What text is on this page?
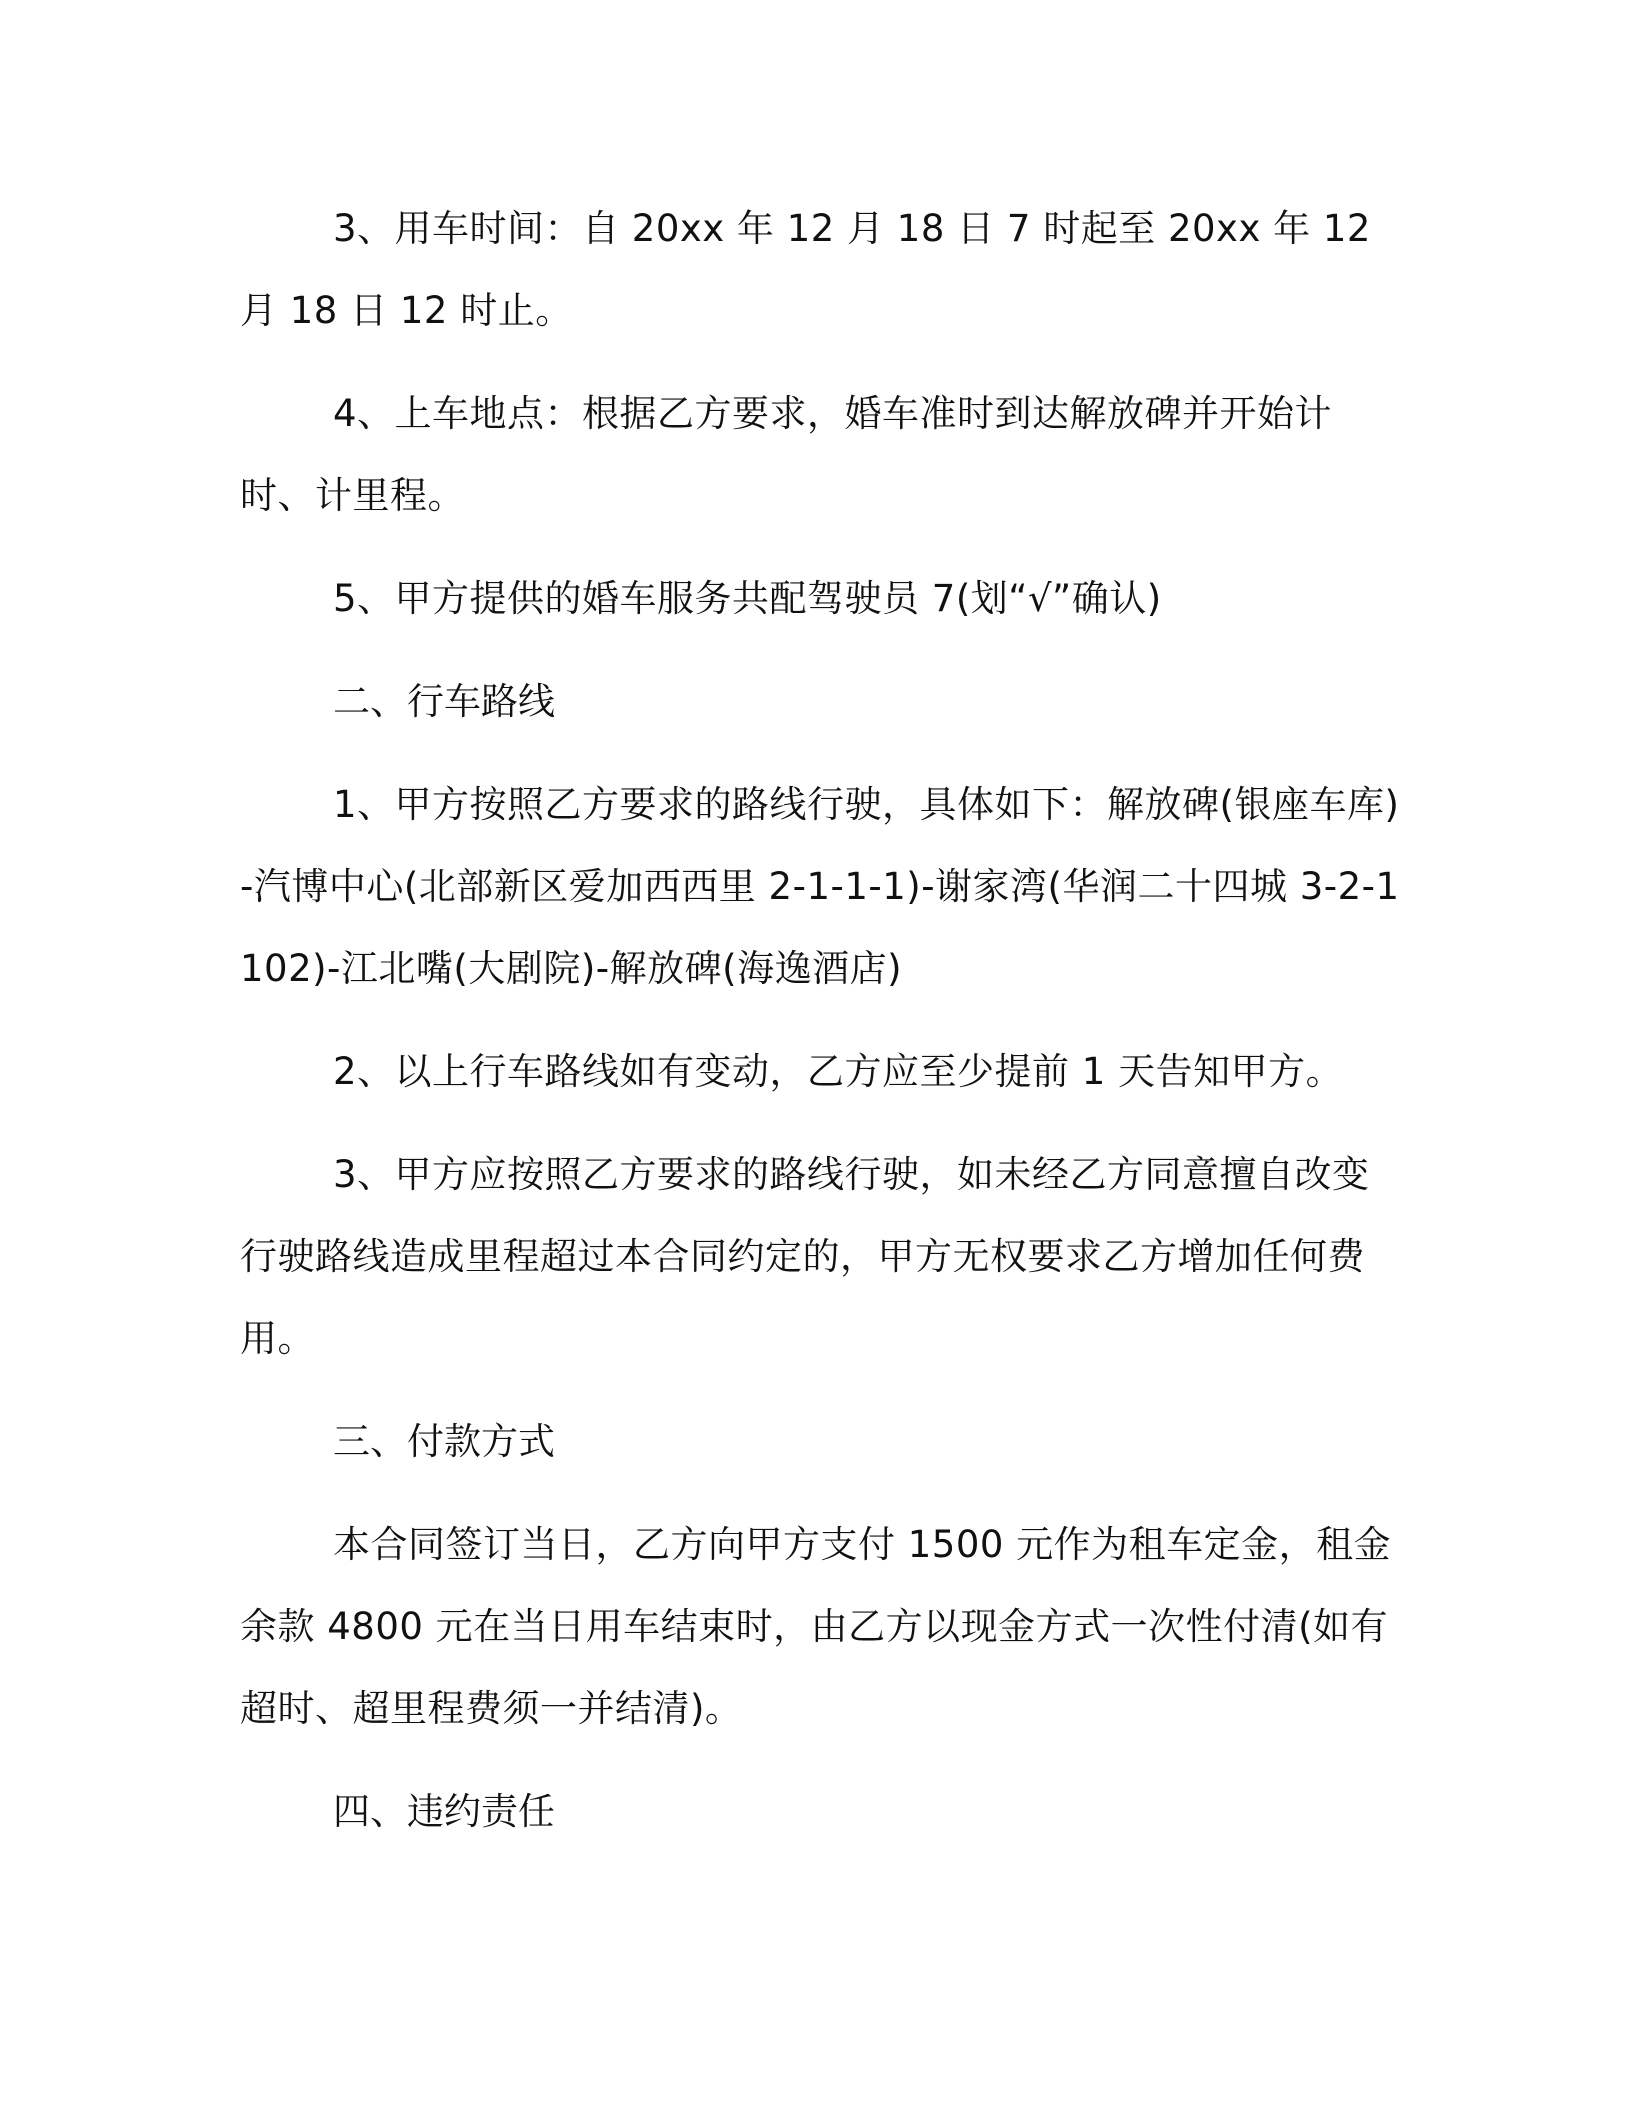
3、用车时间：自 20xx 年 12 月 18 日 7 时起至 20xx 年 12 月 18 日 12 时止。

4、上车地点：根据乙方要求，婚车准时到达解放碑并开始计时、计里程。

5、甲方提供的婚车服务共配驾驶员 7(划“√”确认)

二、行车路线

1、甲方按照乙方要求的路线行驶，具体如下：解放碑(银座车库)-汽博中心(北部新区爱加西西里 2-1-1-1)-谢家湾(华润二十四城 3-2-1102)-江北嘴(大剧院)-解放碑(海逸酒店)

2、以上行车路线如有变动，乙方应至少提前 1 天告知甲方。

3、甲方应按照乙方要求的路线行驶，如未经乙方同意擅自改变行驶路线造成里程超过本合同约定的，甲方无权要求乙方增加任何费用。

三、付款方式

本合同签订当日，乙方向甲方支付 1500 元作为租车定金，租金余款 4800 元在当日用车结束时，由乙方以现金方式一次性付清(如有超时、超里程费须一并结清)。

四、违约责任
